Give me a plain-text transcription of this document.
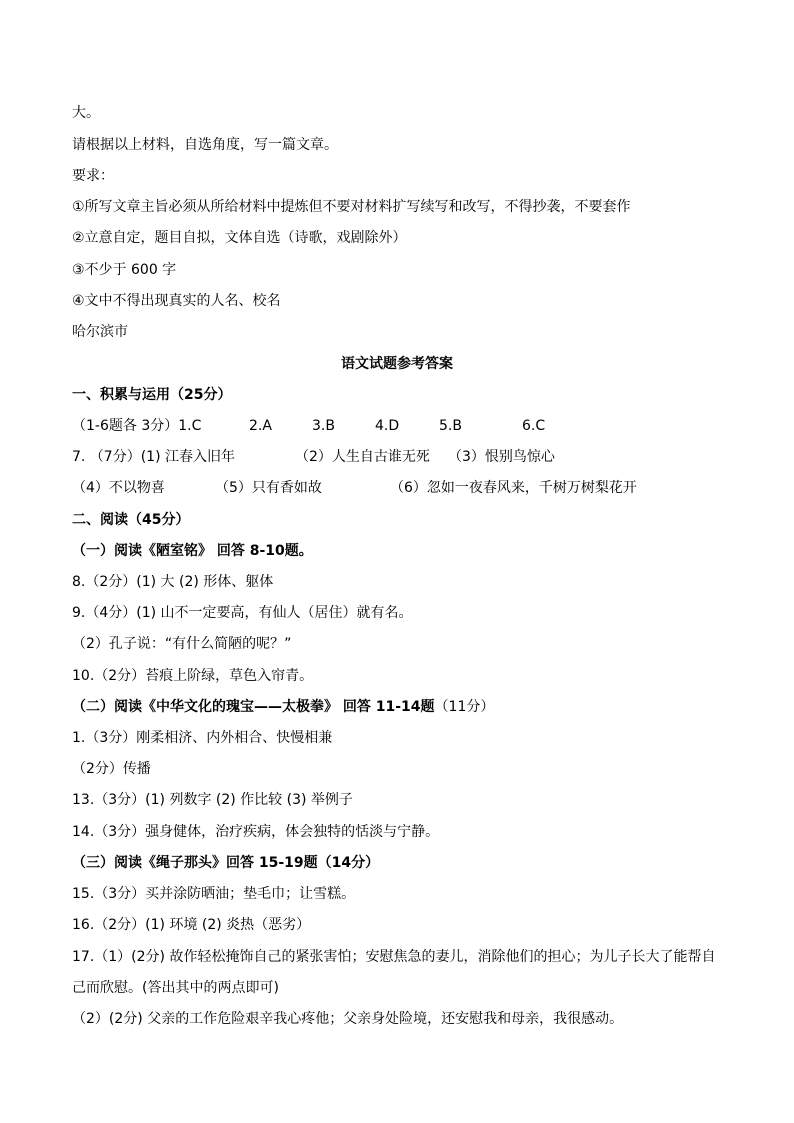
大。
请根据以上材料，自选角度，写一篇文章。
要求：
①所写文章主旨必须从所给材料中提炼但不要对材料扩写续写和改写，不得抄袭，不要套作
②立意自定，题目自拟，文体自选（诗歌，戏剧除外）
③不少于 600 字
④文中不得出现真实的人名、校名
哈尔滨市
语文试题参考答案
一、积累与运用（25分）
（1-6题各 3分）1.C	2.A	3.B	4.D	5.B	6.C
7. （7分）(1) 江春入旧年	（2）人生自古谁无死 （3）恨别鸟惊心
（4）不以物喜	（5）只有香如故	（6）忽如一夜春风来，千树万树梨花开
二、阅读（45分）
（一）阅读《陋室铭》 回答 8-10题。
8.（2分）(1) 大 (2) 形体、躯体
9.（4分）(1) 山不一定要高，有仙人（居住）就有名。
（2）孔子说：“有什么简陋的呢？”
10.（2分）苔痕上阶绿，草色入帘青。
（二）阅读《中华文化的瑰宝——太极拳》 回答 11-14题（11分）
1.（3分）刚柔相济、内外相合、快慢相兼
（2分）传播
13.（3分）(1) 列数字 (2) 作比较 (3) 举例子
14.（3分）强身健体，治疗疾病，体会独特的恬淡与宁静。
（三）阅读《绳子那头》回答 15-19题（14分）
15.（3分）买并涂防晒油；垫毛巾；让雪糕。
16.（2分）(1) 环境 (2) 炎热（恶劣）
17.（1）(2分) 故作轻松掩饰自己的紧张害怕；安慰焦急的妻儿，消除他们的担心；为儿子长大了能帮自
己而欣慰。(答出其中的两点即可)
（2）(2分) 父亲的工作危险艰辛我心疼他；父亲身处险境，还安慰我和母亲，我很感动。
